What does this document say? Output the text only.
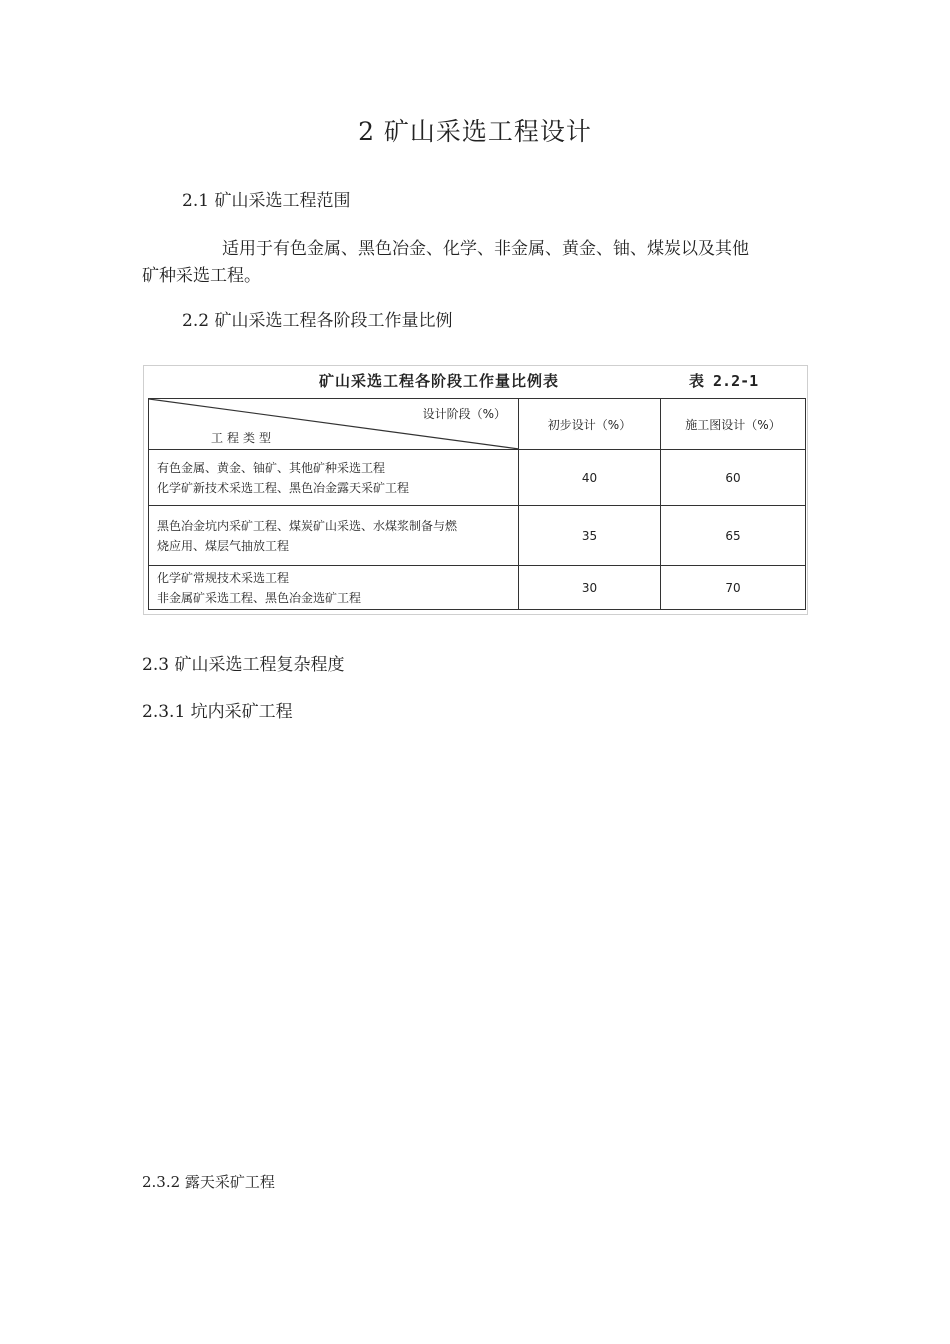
2 矿山采选工程设计
2.1 矿山采选工程范围
适用于有色金属、黑色冶金、化学、非金属、黄金、铀、煤炭以及其他
矿种采选工程。
2.2 矿山采选工程各阶段工作量比例
矿山采选工程各阶段工作量比例表	表 2.2-1
设计阶段（%）
工程类型	初步设计（%）	施工图设计（%）

有色金属、黄金、铀矿、其他矿种采选工程
化学矿新技术采选工程、黑色冶金露天采矿工程	40	60

黑色冶金坑内采矿工程、煤炭矿山采选、水煤浆制备与燃
烧应用、煤层气抽放工程	35	65

化学矿常规技术采选工程
非金属矿采选工程、黑色冶金选矿工程	30	70
2.3 矿山采选工程复杂程度
2.3.1 坑内采矿工程
2.3.2 露天采矿工程
